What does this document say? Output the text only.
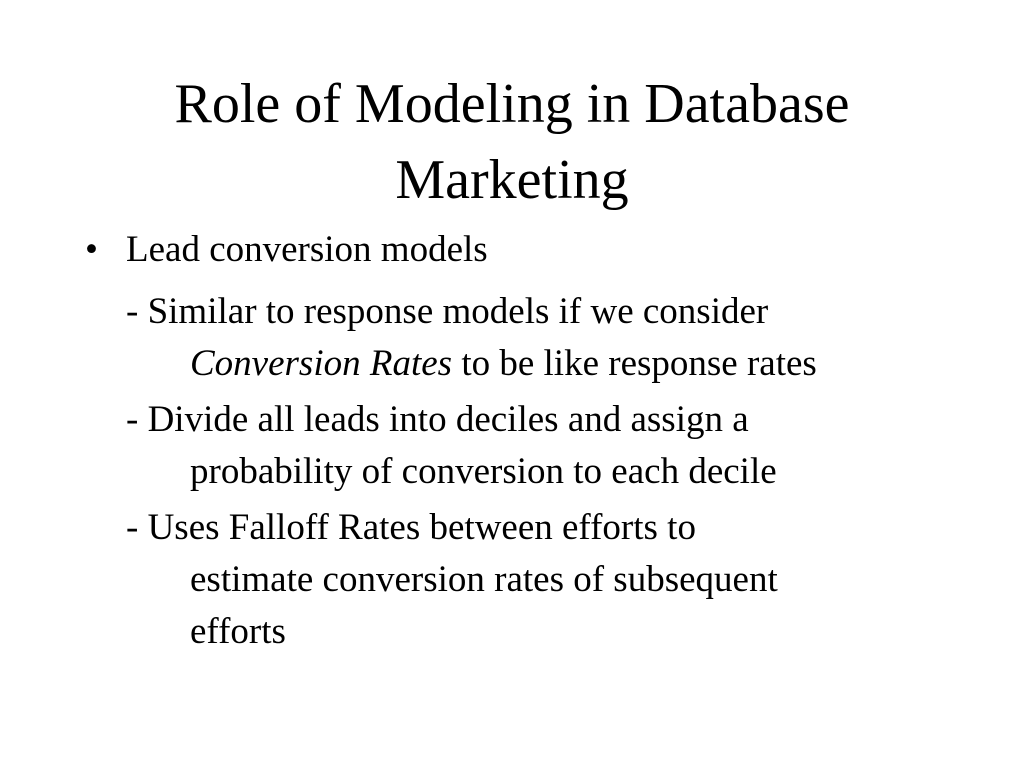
Role of Modeling in Database
Marketing
• Lead conversion models
- Similar to response models if we consider
Conversion Rates to be like response rates
- Divide all leads into deciles and assign a
probability of conversion to each decile
- Uses Falloff Rates between efforts to
estimate conversion rates of subsequent
efforts
